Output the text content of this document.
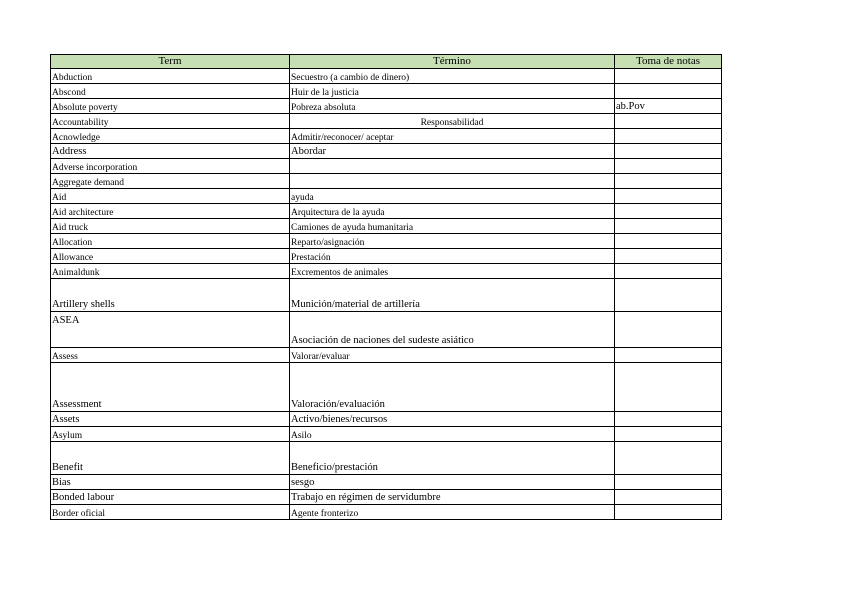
Term	Término	Toma de notas
Abduction	Secuestro (a cambio de dinero)	
Abscond	Huir de la justicia	
Absolute poverty	Pobreza absoluta	ab.Pov
Accountability	Responsabilidad	
Acnowledge	Admitir/reconocer/ aceptar	
Address	Abordar	
Adverse incorporation		
Aggregate demand		
Aid	ayuda	
Aid architecture	Arquitectura de la ayuda	
Aid truck	Camiones de ayuda humanitaria	
Allocation	Reparto/asignación	
Allowance	Prestación	
Animaldunk	Excrementos de animales	
Artillery shells	Munición/material de artillería	
ASEA	Asociación de naciones del sudeste asiático	
Assess	Valorar/evaluar	
Assessment	Valoración/evaluación	
Assets	Activo/bienes/recursos	
Asylum	Asilo	
Benefit	Beneficio/prestación	
Bias	sesgo	
Bonded labour	Trabajo en régimen de servidumbre	
Border oficial	Agente fronterizo	
